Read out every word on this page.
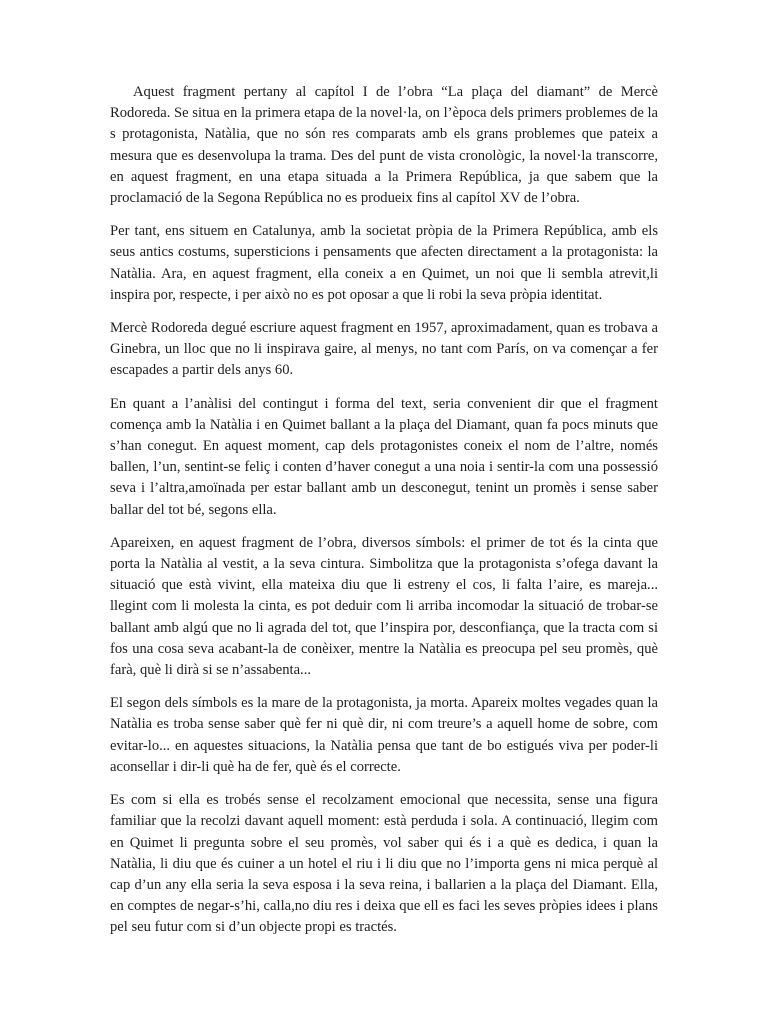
Aquest fragment pertany al capítol I de l’obra “La plaça del diamant” de Mercè Rodoreda. Se situa en la primera etapa de la novel·la, on l’època dels primers problemes de la s protagonista, Natàlia, que no són res comparats amb els grans problemes que pateix a mesura que es desenvolupa la trama. Des del punt de vista cronològic, la novel·la transcorre, en aquest fragment, en una etapa situada a la Primera República, ja que sabem que la proclamació de la Segona República no es produeix fins al capítol XV de l’obra.

Per tant, ens situem en Catalunya, amb la societat pròpia de la Primera República, amb els seus antics costums, supersticions i pensaments que afecten directament a la protagonista: la Natàlia. Ara, en aquest fragment, ella coneix a en Quimet, un noi que li sembla atrevit,li inspira por, respecte, i per això no es pot oposar a que li robi la seva pròpia identitat.

Mercè Rodoreda degué escriure aquest fragment en 1957, aproximadament, quan es trobava a Ginebra, un lloc que no li inspirava gaire, al menys, no tant com París, on va començar a fer escapades a partir dels anys 60.

En quant a l’anàlisi del contingut i forma del text, seria convenient dir que el fragment comença amb la Natàlia i en Quimet ballant a la plaça del Diamant, quan fa pocs minuts que s’han conegut. En aquest moment, cap dels protagonistes coneix el nom de l’altre, només ballen, l’un, sentint-se feliç i conten d’haver conegut a una noia i sentir-la com una possessió seva i l’altra,amoïnada per estar ballant amb un desconegut, tenint un promès i sense saber ballar del tot bé, segons ella.

Apareixen, en aquest fragment de l’obra, diversos símbols: el primer de tot és la cinta que porta la Natàlia al vestit, a la seva cintura. Simbolitza que la protagonista s’ofega davant la situació que està vivint, ella mateixa diu que li estreny el cos, li falta l’aire, es mareja... llegint com li molesta la cinta, es pot deduir com li arriba incomodar la situació de trobar-se ballant amb algú que no li agrada del tot, que l’inspira por, desconfiança, que la tracta com si fos una cosa seva acabant-la de conèixer, mentre la Natàlia es preocupa pel seu promès, què farà, què li dirà si se n’assabenta...

El segon dels símbols es la mare de la protagonista, ja morta. Apareix moltes vegades quan la Natàlia es troba sense saber què fer ni què dir, ni com treure’s a aquell home de sobre, com evitar-lo... en aquestes situacions, la Natàlia pensa que tant de bo estigués viva per poder-li aconsellar i dir-li què ha de fer, què és el correcte.

Es com si ella es trobés sense el recolzament emocional que necessita, sense una figura familiar que la recolzi davant aquell moment: està perduda i sola. A continuació, llegim com en Quimet li pregunta sobre el seu promès, vol saber qui és i a què es dedica, i quan la Natàlia, li diu que és cuiner a un hotel el riu i li diu que no l’importa gens ni mica perquè al cap d’un any ella seria la seva esposa i la seva reina, i ballarien a la plaça del Diamant. Ella, en comptes de negar-s’hi, calla,no diu res i deixa que ell es faci les seves pròpies idees i plans pel seu futur com si d’un objecte propi es tractés.
